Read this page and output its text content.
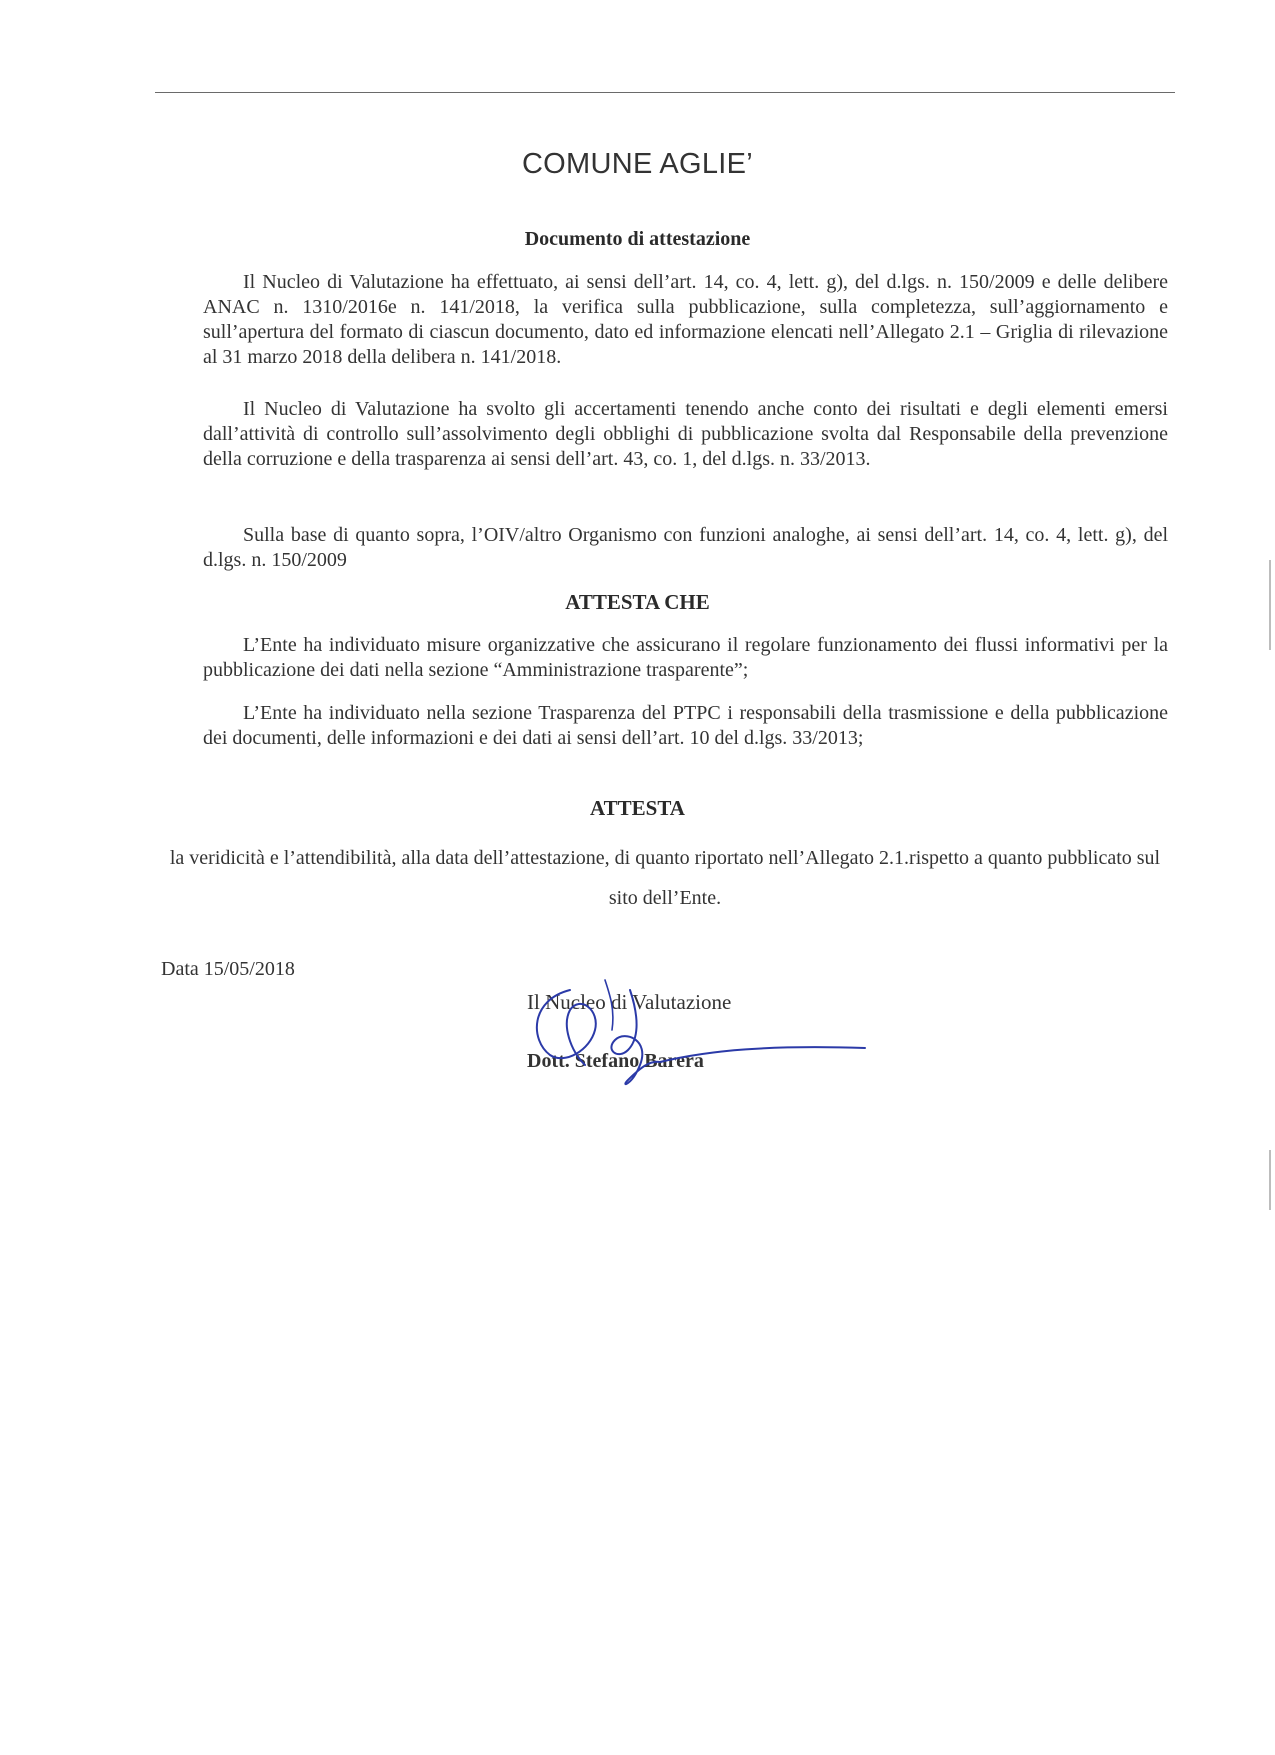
COMUNE AGLIE’
Documento di attestazione
Il Nucleo di Valutazione ha effettuato, ai sensi dell’art. 14, co. 4, lett. g), del d.lgs. n. 150/2009 e delle delibere ANAC n. 1310/2016e n. 141/2018, la verifica sulla pubblicazione, sulla completezza, sull’aggiornamento e sull’apertura del formato di ciascun documento, dato ed informazione elencati nell’Allegato 2.1 – Griglia di rilevazione al 31 marzo 2018 della delibera n. 141/2018.
Il Nucleo di Valutazione ha svolto gli accertamenti tenendo anche conto dei risultati e degli elementi emersi dall’attività di controllo sull’assolvimento degli obblighi di pubblicazione svolta dal Responsabile della prevenzione della corruzione e della trasparenza ai sensi dell’art. 43, co. 1, del d.lgs. n. 33/2013.
Sulla base di quanto sopra, l’OIV/altro Organismo con funzioni analoghe, ai sensi dell’art. 14, co. 4, lett. g), del d.lgs. n. 150/2009
ATTESTA CHE
L’Ente ha individuato misure organizzative che assicurano il regolare funzionamento dei flussi informativi per la pubblicazione dei dati nella sezione “Amministrazione trasparente”;
L’Ente ha individuato nella sezione Trasparenza del PTPC i responsabili della trasmissione e della pubblicazione dei documenti, delle informazioni e dei dati ai sensi dell’art. 10 del d.lgs. 33/2013;
ATTESTA
la veridicità e l’attendibilità, alla data dell’attestazione, di quanto riportato nell’Allegato 2.1.rispetto a quanto pubblicato sul sito dell’Ente.
Data 15/05/2018
Il Nucleo di Valutazione
Dott. Stefano Barera
